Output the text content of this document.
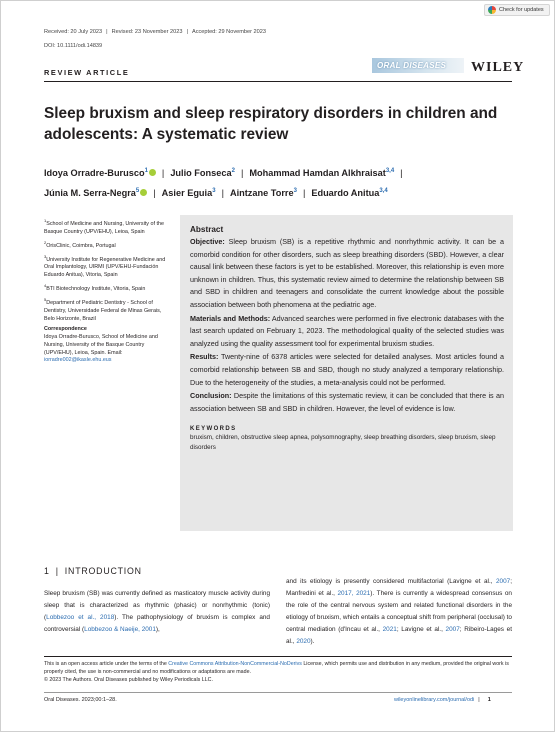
Received: 20 July 2023 | Revised: 23 November 2023 | Accepted: 29 November 2023
DOI: 10.1111/odi.14839
Check for updates
REVIEW ARTICLE
ORAL DISEASES	WILEY
Sleep bruxism and sleep respiratory disorders in children and
adolescents: A systematic review
Idoya Orradre-Burusco$^1$ | Julio Fonseca$^2$ | Mohammad Hamdan Alkhraisat$^{3,4}$ |
Júnia M. Serra-Negra$^5$ | Asier Eguia$^3$ | Aintzane Torre$^3$ | Eduardo Anitua$^{3,4}$
$^1$School of Medicine and Nursing, University of the Basque Country (UPV/EHU), Leioa, Spain
$^2$OrisClinic, Coimbra, Portugal
$^3$University Institute for Regenerative Medicine and Oral Implantology, UIRMI (UPV/EHU-Fundación Eduardo Anitua), Vitoria, Spain
$^4$BTI Biotechnology Institute, Vitoria, Spain
$^5$Department of Pediatric Dentistry - School of Dentistry, Universidade Federal de Minas Gerais, Belo Horizonte, Brazil
Correspondence
Idoya Orradre-Burusco, School of Medicine and Nursing, University of the Basque Country (UPV/EHU), Leioa, Spain. Email: iorradre002@ikasle.ehu.eus
Abstract

Objective: Sleep bruxism (SB) is a repetitive rhythmic and nonrhythmic activity. It can be a comorbid condition for other disorders, such as sleep breathing disorders (SBD). However, a clear causal link between these factors is yet to be established. Moreover, this relationship is even more unknown in children. Thus, this systematic review aimed to determine the relationship between SB and SBD in children and teenagers and consolidate the current knowledge about the possible association between both phenomena at the pediatric age.

Materials and Methods: Advanced searches were performed in five electronic databases with the last search updated on February 1, 2023. The methodological quality of the selected studies was analyzed using the quality assessment tool for experimental bruxism studies.

Results: Twenty-nine of 6378 articles were selected for detailed analyses. Most articles found a comorbid relationship between SB and SBD, though no study analyzed a temporary relationship. Due to the heterogeneity of the studies, a meta-analysis could not be performed.

Conclusion: Despite the limitations of this systematic review, it can be concluded that there is an association between SB and SBD in children. However, the level of evidence is low.

KEYWORDS
bruxism, children, obstructive sleep apnea, polysomnography, sleep breathing disorders, sleep bruxism, sleep disorders
1 | INTRODUCTION
Sleep bruxism (SB) was currently defined as masticatory muscle activity during sleep that is characterized as rhythmic (phasic) or nonrhythmic (tonic) (Lobbezoo et al., 2018). The pathophysiology of bruxism is complex and controversial (Lobbezoo & Naeije, 2001),
and its etiology is presently considered multifactorial (Lavigne et al., 2007; Manfredini et al., 2017, 2021). There is currently a widespread consensus on the role of the central nervous system and related functional disorders in the etiology of bruxism, which entails a conceptual shift from peripheral (occlusal) to central mediation (d'Incau et al., 2021; Lavigne et al., 2007; Ribeiro-Lages et al., 2020).
This is an open access article under the terms of the Creative Commons Attribution-NonCommercial-NoDerivs License, which permits use and distribution in any medium, provided the original work is properly cited, the use is non-commercial and no modifications or adaptations are made.
© 2023 The Authors. Oral Diseases published by Wiley Periodicals LLC.
Oral Diseases. 2023;00:1–28.	wileyonlinelibrary.com/journal/odi | 1
